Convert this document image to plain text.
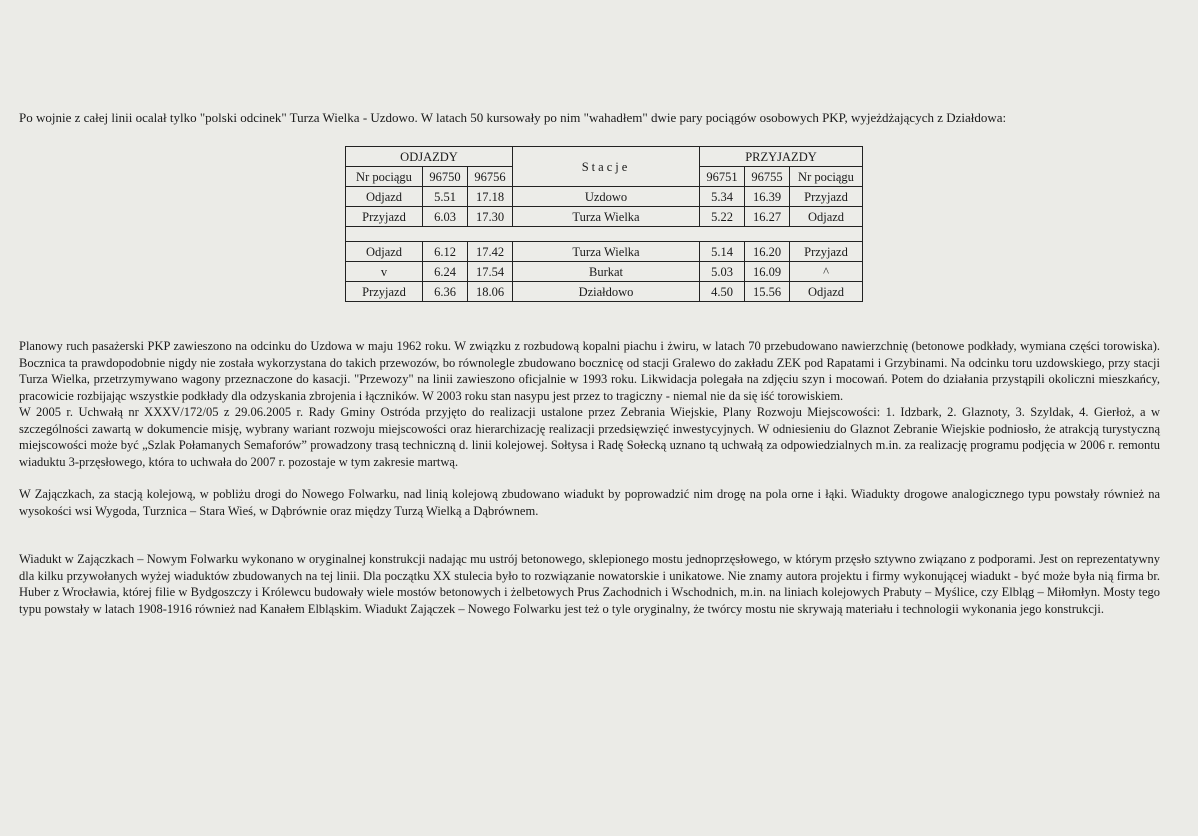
Po wojnie z całej linii ocalał tylko "polski odcinek" Turza Wielka - Uzdowo. W latach 50 kursowały po nim "wahadłem" dwie pary pociągów osobowych PKP, wyjeżdżających z Działdowa:
ODJAZDY			Stacje	PRZYJAZDY		
Nr pociągu	96750	96756		96751	96755	Nr pociągu
Odjazd	5.51	17.18	Uzdowo	5.34	16.39	Przyjazd
Przyjazd	6.03	17.30	Turza Wielka	5.22	16.27	Odjazd

Odjazd	6.12	17.42	Turza Wielka	5.14	16.20	Przyjazd
v	6.24	17.54	Burkat	5.03	16.09	^
Przyjazd	6.36	18.06	Działdowo	4.50	15.56	Odjazd

Planowy ruch pasażerski PKP zawieszono na odcinku do Uzdowa w maju 1962 roku. W związku z rozbudową kopalni piachu i żwiru, w latach 70 przebudowano nawierzchnię (betonowe podkłady, wymiana części torowiska). Bocznica ta prawdopodobnie nigdy nie została wykorzystana do takich przewozów, bo równolegle zbudowano bocznicę od stacji Gralewo do zakładu ZEK pod Rapatami i Grzybinami. Na odcinku toru uzdowskiego, przy stacji Turza Wielka, przetrzymywano wagony przeznaczone do kasacji. "Przewozy" na linii zawieszono oficjalnie w 1993 roku. Likwidacja polegała na zdjęciu szyn i mocowań. Potem do działania przystąpili okoliczni mieszkańcy, pracowicie rozbijając wszystkie podkłady dla odzyskania zbrojenia i łączników. W 2003 roku stan nasypu jest przez to tragiczny - niemal nie da się iść torowiskiem.

W 2005 r. Uchwałą nr XXXV/172/05 z 29.06.2005 r. Rady Gminy Ostróda przyjęto do realizacji ustalone przez Zebrania Wiejskie, Plany Rozwoju Miejscowości: 1. Idzbark, 2. Glaznoty, 3. Szyldak, 4. Gierłoż, a w szczególności zawartą w dokumencie misję, wybrany wariant rozwoju miejscowości oraz hierarchizację realizacji przedsięwzięć inwestycyjnych. W odniesieniu do Glaznot Zebranie Wiejskie podniosło, że atrakcją turystyczną miejscowości może być „Szlak Połamanych Semaforów” prowadzony trasą techniczną d. linii kolejowej. Sołtysa i Radę Sołecką uznano tą uchwałą za odpowiedzialnych m.in. za realizację programu podjęcia w 2006 r. remontu wiaduktu 3-przęsłowego, która to uchwała do 2007 r. pozostaje w tym zakresie martwą.

W Zajączkach, za stacją kolejową, w pobliżu drogi do Nowego Folwarku, nad linią kolejową zbudowano wiadukt by poprowadzić nim drogę na pola orne i łąki. Wiadukty drogowe analogicznego typu powstały również na wysokości wsi Wygoda, Turznica – Stara Wieś, w Dąbrównie oraz między Turzą Wielką a Dąbrównem.

Wiadukt w Zajączkach – Nowym Folwarku wykonano w oryginalnej konstrukcji nadając mu ustrój betonowego, sklepionego mostu jednoprzęsłowego, w którym przęsło sztywno związano z podporami. Jest on reprezentatywny dla kilku przywołanych wyżej wiaduktów zbudowanych na tej linii. Dla początku XX stulecia było to rozwiązanie nowatorskie i unikatowe. Nie znamy autora projektu i firmy wykonującej wiadukt - być może była nią firma br. Huber z Wrocławia, której filie w Bydgoszczy i Królewcu budowały wiele mostów betonowych i żelbetowych Prus Zachodnich i Wschodnich, m.in. na liniach kolejowych Prabuty – Myślice, czy Elbląg – Miłomłyn. Mosty tego typu powstały w latach 1908-1916 również nad Kanałem Elbląskim. Wiadukt Zajączek – Nowego Folwarku jest też o tyle oryginalny, że twórcy mostu nie skrywają materiału i technologii wykonania jego konstrukcji.
